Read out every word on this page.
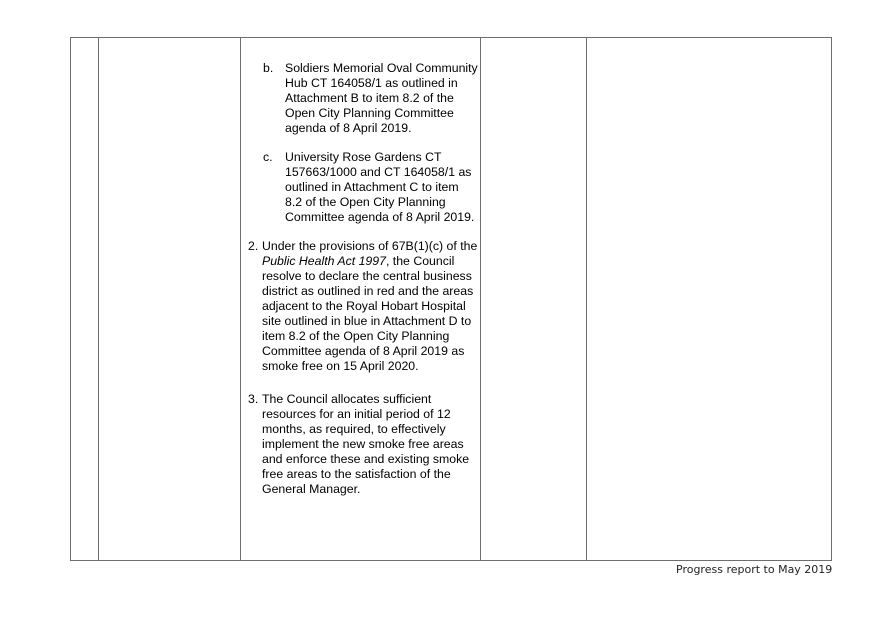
b. Soldiers Memorial Oval Community Hub CT 164058/1 as outlined in Attachment B to item 8.2 of the Open City Planning Committee agenda of 8 April 2019.
c. University Rose Gardens CT 157663/1000 and CT 164058/1 as outlined in Attachment C to item 8.2 of the Open City Planning Committee agenda of 8 April 2019.
2. Under the provisions of 67B(1)(c) of the Public Health Act 1997, the Council resolve to declare the central business district as outlined in red and the areas adjacent to the Royal Hobart Hospital site outlined in blue in Attachment D to item 8.2 of the Open City Planning Committee agenda of 8 April 2019 as smoke free on 15 April 2020.
3. The Council allocates sufficient resources for an initial period of 12 months, as required, to effectively implement the new smoke free areas and enforce these and existing smoke free areas to the satisfaction of the General Manager.
Progress report to May 2019
